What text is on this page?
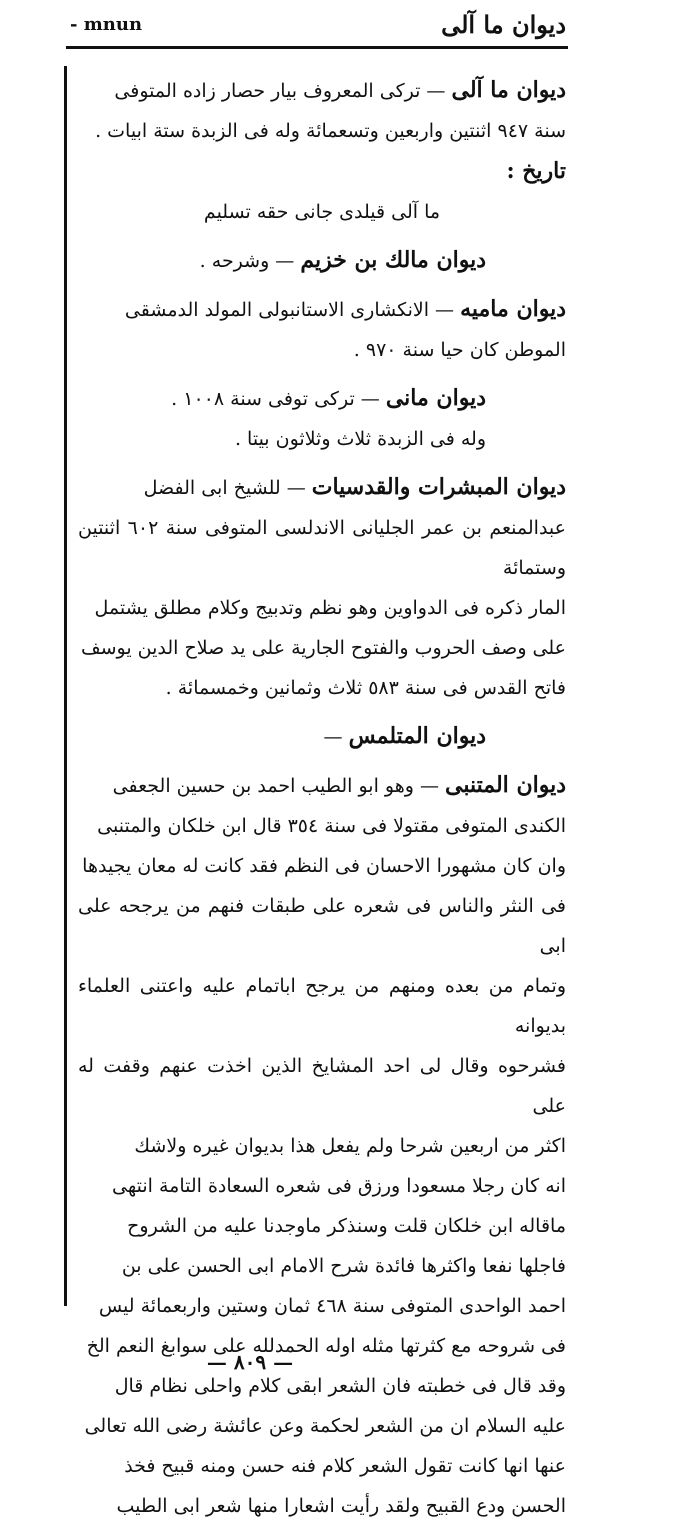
ديوان ما آلى
- mnun

ديوان ما آلى — تركى المعروف بيار حصار زاده المتوفى
سنة ٩٤٧ اثنتين واربعين وتسعمائة وله فى الزبدة ستة ابيات .
تاريخ :

ما آلى قيلدى جانى حقه تسليم

ديوان مالك بن خزيم — وشرحه .

ديوان ماميه — الانكشارى الاستانبولى المولد الدمشقى
الموطن كان حيا سنة ٩٧٠ .

ديوان مانى — تركى توفى سنة ١٠٠٨ .
وله فى الزبدة ثلاث وثلاثون بيتا .

ديوان المبشرات والقدسيات — للشيخ ابى الفضل
عبدالمنعم بن عمر الجليانى الاندلسى المتوفى سنة ٦٠٢ اثنتين وستمائة
المار ذكره فى الدواوين وهو نظم وتدبيج وكلام مطلق يشتمل
على وصف الحروب والفتوح الجارية على يد صلاح الدين يوسف
فاتح القدس فى سنة ٥٨٣ ثلاث وثمانين وخمسمائة .

ديوان المتلمس —

ديوان المتنبى — وهو ابو الطيب احمد بن حسين الجعفى
الكندى المتوفى مقتولا فى سنة ٣٥٤ قال ابن خلكان والمتنبى
وان كان مشهورا الاحسان فى النظم فقد كانت له معان يجيدها
فى النثر والناس فى شعره على طبقات فنهم من يرجحه على ابى
وتمام من بعده ومنهم من يرجح اباتمام عليه واعتنى العلماء بديوانه
فشرحوه وقال لى احد المشايخ الذين اخذت عنهم وقفت له على
اكثر من اربعين شرحا ولم يفعل هذا بديوان غيره ولاشك
انه كان رجلا مسعودا ورزق فى شعره السعادة التامة انتهى
ماقاله ابن خلكان قلت وسنذكر ماوجدنا عليه من الشروح
فاجلها نفعا واكثرها فائدة شرح الامام ابى الحسن على بن
احمد الواحدى المتوفى سنة ٤٦٨ ثمان وستين واربعمائة ليس
فى شروحه مع كثرتها مثله اوله الحمدلله على سوابغ النعم الخ
وقد قال فى خطبته فان الشعر ابقى كلام واحلى نظام قال
عليه السلام ان من الشعر لحكمة وعن عائشة رضى الله تعالى
عنها انها كانت تقول الشعر كلام فنه حسن ومنه قبيح فخذ
الحسن ودع القبيح ولقد رأيت اشعارا منها شعر ابى الطيب

— ٨٠٩ —
